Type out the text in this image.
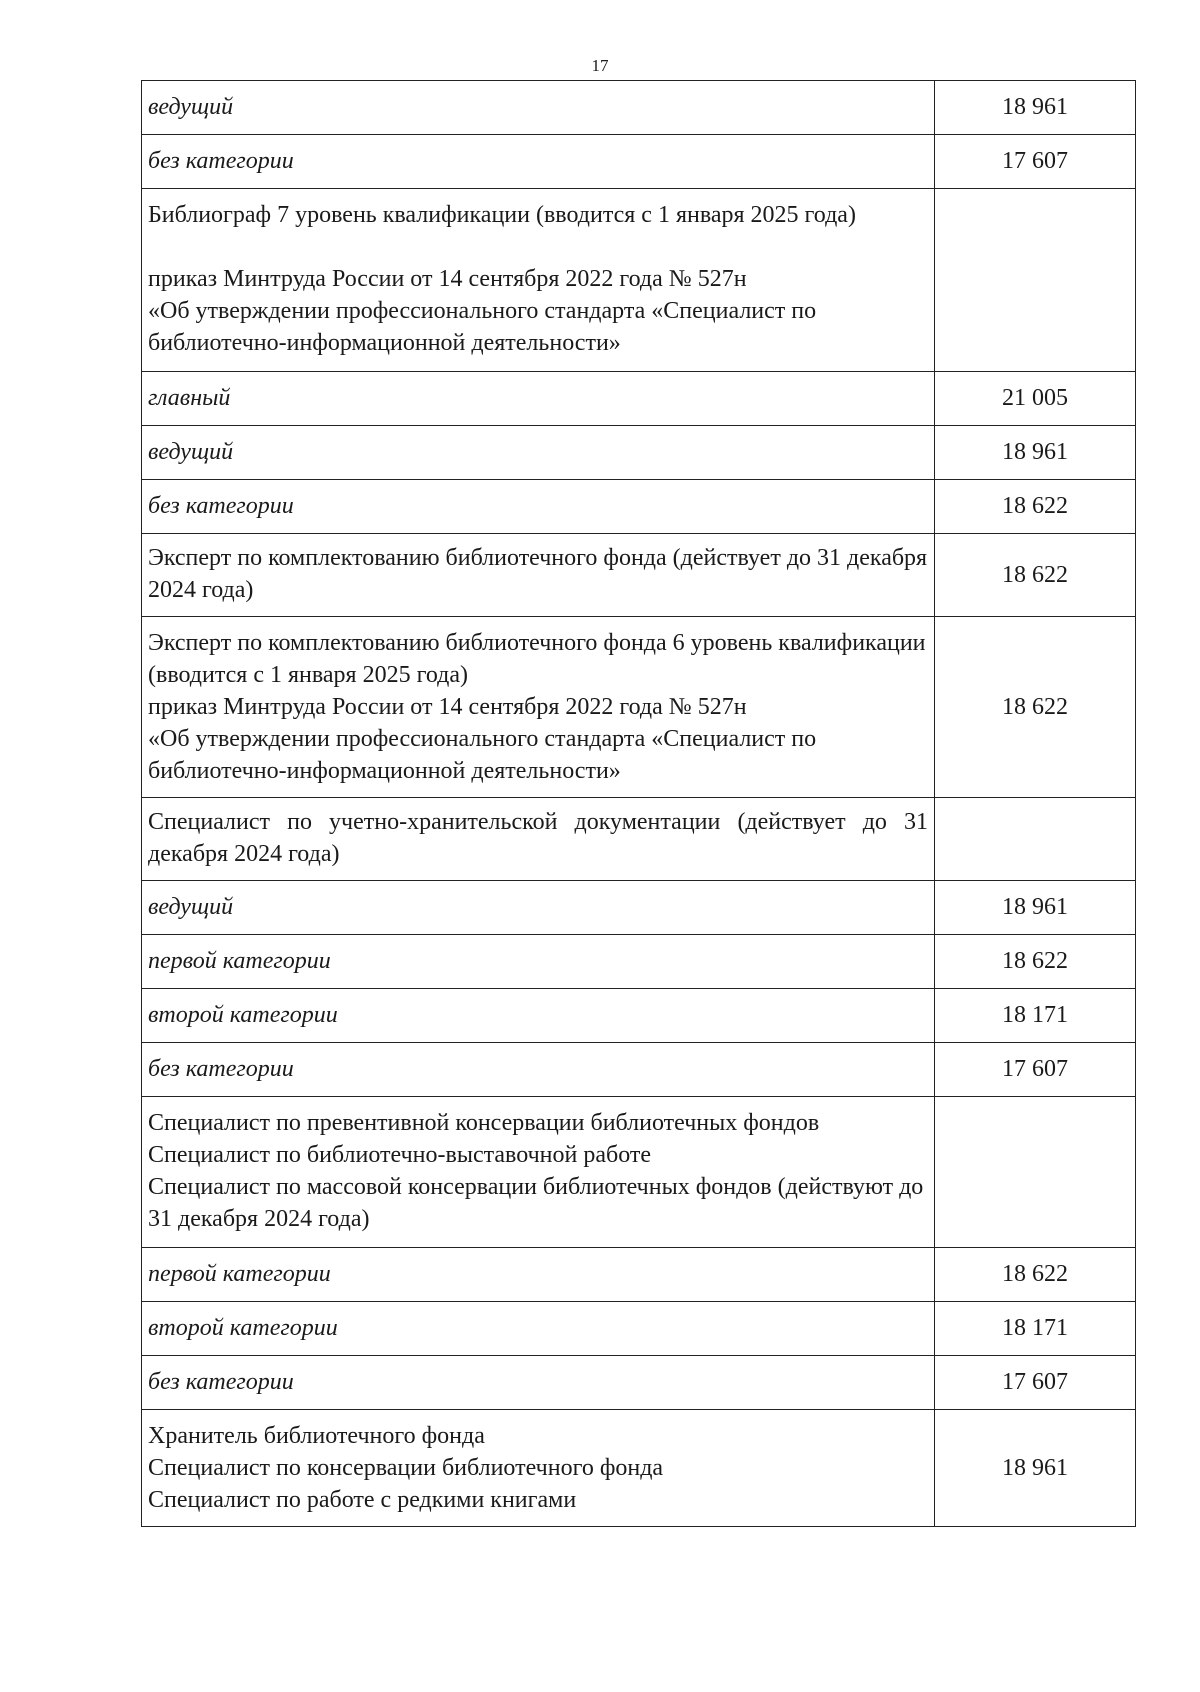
17
ведущий	18 961

без категории	17 607

Библиограф 7 уровень квалификации (вводится с 1 января 2025 года)
приказ Минтруда России от 14 сентября 2022 года № 527н
«Об утверждении профессионального стандарта «Специалист по библиотечно-информационной деятельности»	

главный	21 005

ведущий	18 961

без категории	18 622

Эксперт по комплектованию библиотечного фонда (действует до 31 декабря 2024 года)	18 622

Эксперт по комплектованию библиотечного фонда 6 уровень квалификации (вводится с 1 января 2025 года)
приказ Минтруда России от 14 сентября 2022 года № 527н
«Об утверждении профессионального стандарта «Специалист по библиотечно-информационной деятельности»	18 622

Специалист по учетно-хранительской документации (действует до 31 декабря 2024 года)	

ведущий	18 961

первой категории	18 622

второй категории	18 171

без категории	17 607

Специалист по превентивной консервации библиотечных фондов
Специалист по библиотечно-выставочной работе
Специалист по массовой консервации библиотечных фондов (действуют до 31 декабря 2024 года)	

первой категории	18 622

второй категории	18 171

без категории	17 607

Хранитель библиотечного фонда
Специалист по консервации библиотечного фонда
Специалист по работе с редкими книгами	18 961
